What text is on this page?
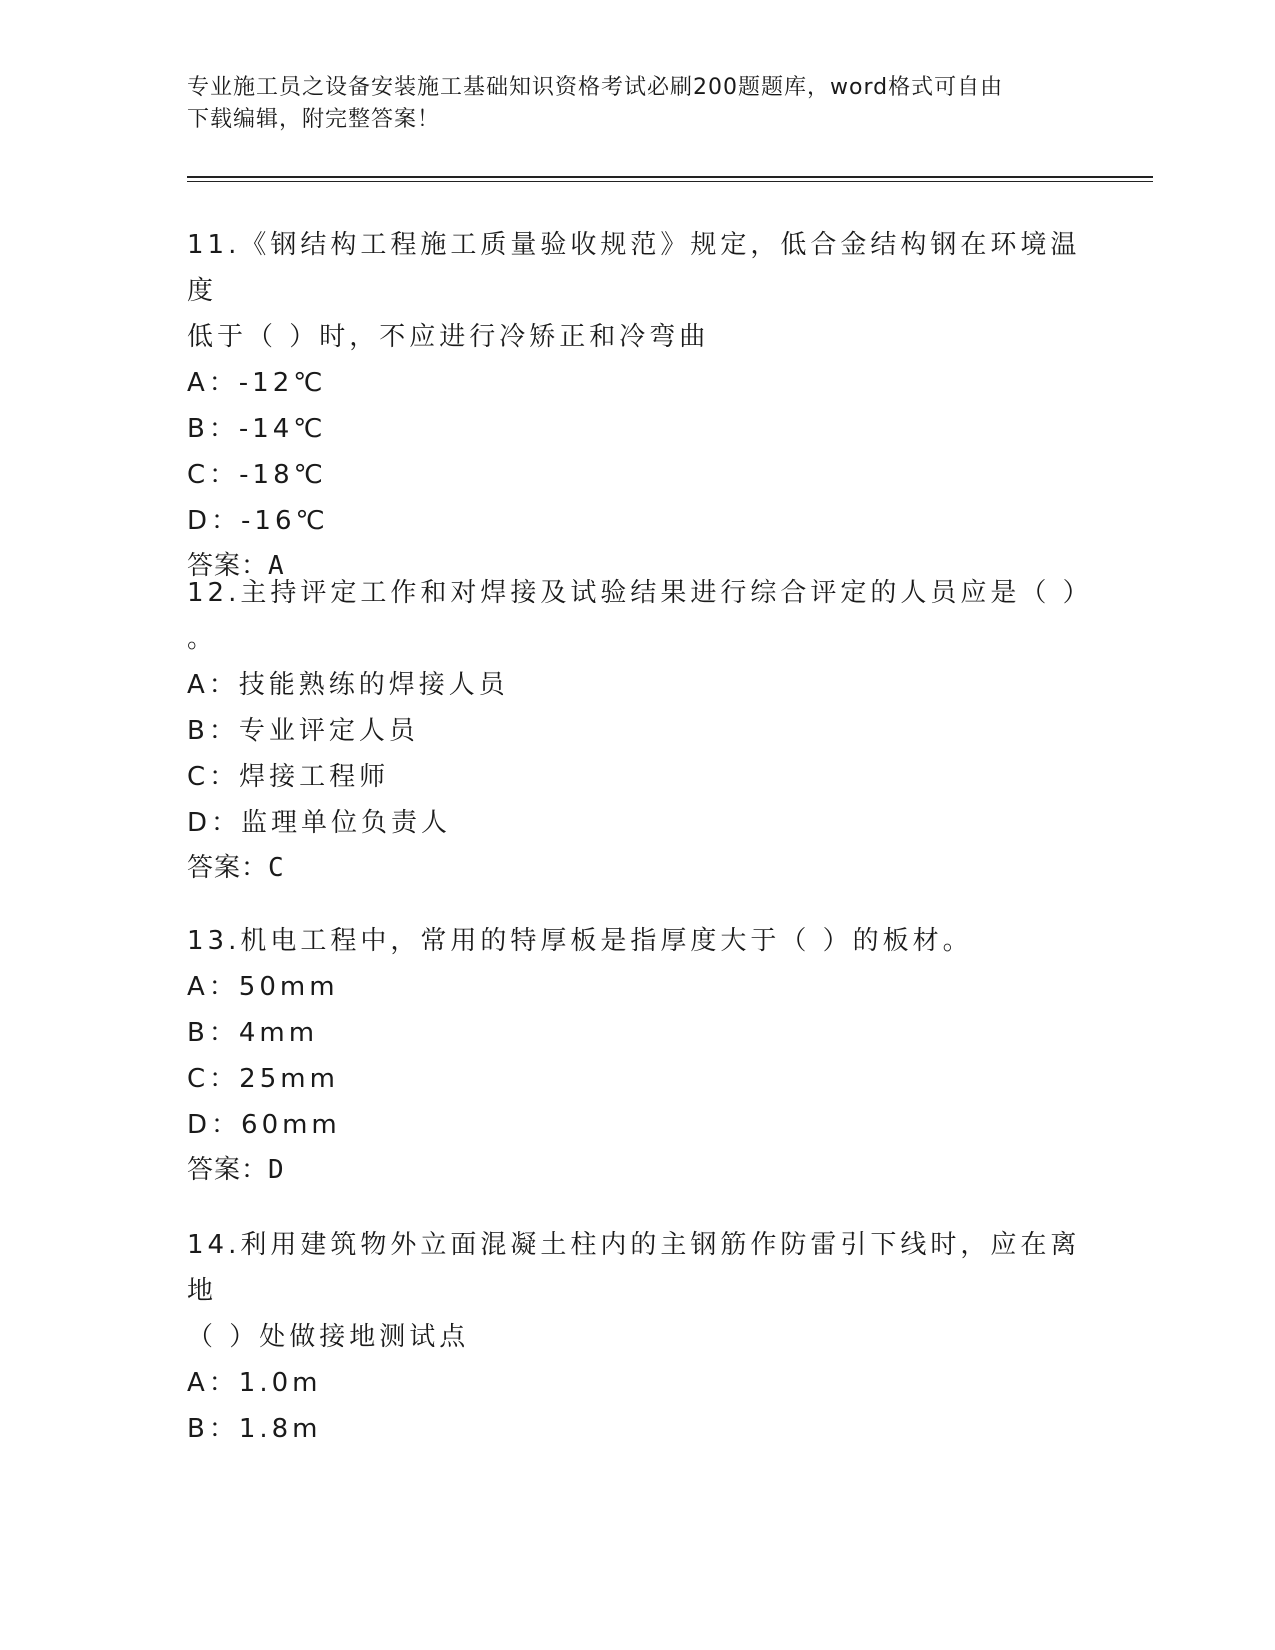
专业施工员之设备安装施工基础知识资格考试必刷200题题库，word格式可自由
下载编辑，附完整答案！
11.《钢结构工程施工质量验收规范》规定，低合金结构钢在环境温度
低于（ ）时，不应进行冷矫正和冷弯曲
A：-12℃
B：-14℃
C：-18℃
D：-16℃
答案：A
12.主持评定工作和对焊接及试验结果进行综合评定的人员应是（ ）
。
A：技能熟练的焊接人员
B：专业评定人员
C：焊接工程师
D：监理单位负责人
答案：C
13.机电工程中，常用的特厚板是指厚度大于（ ）的板材。
A：50mm
B：4mm
C：25mm
D：60mm
答案：D
14.利用建筑物外立面混凝土柱内的主钢筋作防雷引下线时，应在离地
（ ）处做接地测试点
A：1.0m
B：1.8m
